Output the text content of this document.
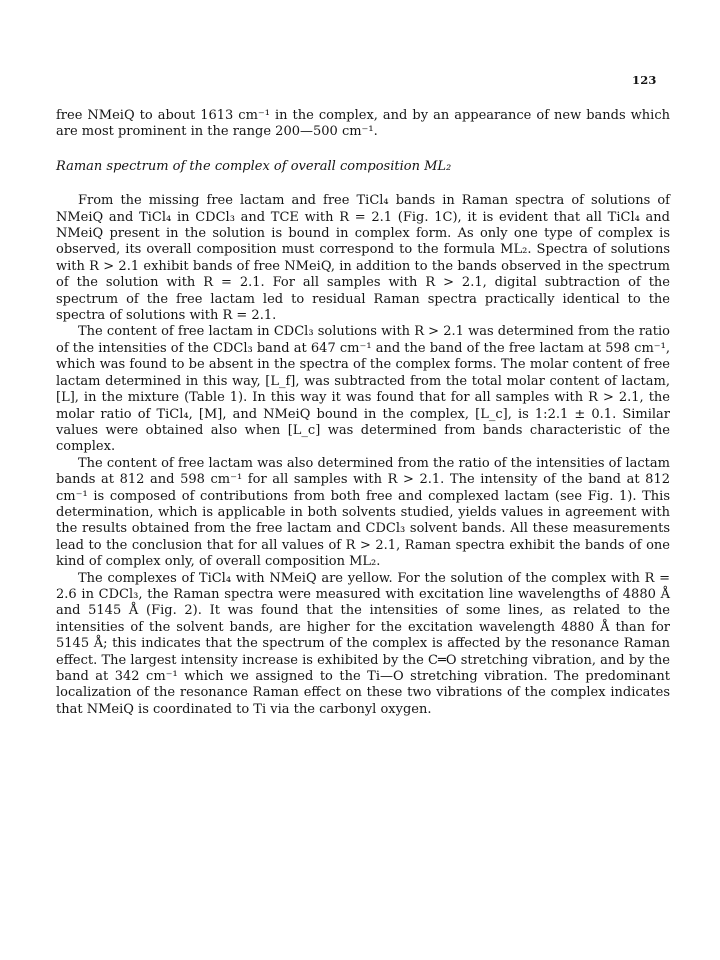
123

free NMeiQ to about 1613 cm⁻¹ in the complex, and by an appearance of new bands which are most prominent in the range 200—500 cm⁻¹.

Raman spectrum of the complex of overall composition ML₂

From the missing free lactam and free TiCl₄ bands in Raman spectra of solutions of NMeiQ and TiCl₄ in CDCl₃ and TCE with R = 2.1 (Fig. 1C), it is evident that all TiCl₄ and NMeiQ present in the solution is bound in complex form. As only one type of complex is observed, its overall composition must correspond to the formula ML₂. Spectra of solutions with R > 2.1 exhibit bands of free NMeiQ, in addition to the bands observed in the spectrum of the solution with R = 2.1. For all samples with R > 2.1, digital subtraction of the spectrum of the free lactam led to residual Raman spectra practically identical to the spectra of solutions with R = 2.1.

The content of free lactam in CDCl₃ solutions with R > 2.1 was determined from the ratio of the intensities of the CDCl₃ band at 647 cm⁻¹ and the band of the free lactam at 598 cm⁻¹, which was found to be absent in the spectra of the complex forms. The molar content of free lactam determined in this way, [L_f], was subtracted from the total molar content of lactam, [L], in the mixture (Table 1). In this way it was found that for all samples with R > 2.1, the molar ratio of TiCl₄, [M], and NMeiQ bound in the complex, [L_c], is 1:2.1 ± 0.1. Similar values were obtained also when [L_c] was determined from bands characteristic of the complex.

The content of free lactam was also determined from the ratio of the intensities of lactam bands at 812 and 598 cm⁻¹ for all samples with R > 2.1. The intensity of the band at 812 cm⁻¹ is composed of contributions from both free and complexed lactam (see Fig. 1). This determination, which is applicable in both solvents studied, yields values in agreement with the results obtained from the free lactam and CDCl₃ solvent bands. All these measurements lead to the conclusion that for all values of R > 2.1, Raman spectra exhibit the bands of one kind of complex only, of overall composition ML₂.

The complexes of TiCl₄ with NMeiQ are yellow. For the solution of the complex with R = 2.6 in CDCl₃, the Raman spectra were measured with excitation line wavelengths of 4880 Å and 5145 Å (Fig. 2). It was found that the intensities of some lines, as related to the intensities of the solvent bands, are higher for the excitation wavelength 4880 Å than for 5145 Å; this indicates that the spectrum of the complex is affected by the resonance Raman effect. The largest intensity increase is exhibited by the C═O stretching vibration, and by the band at 342 cm⁻¹ which we assigned to the Ti—O stretching vibration. The predominant localization of the resonance Raman effect on these two vibrations of the complex indicates that NMeiQ is coordinated to Ti via the carbonyl oxygen.
